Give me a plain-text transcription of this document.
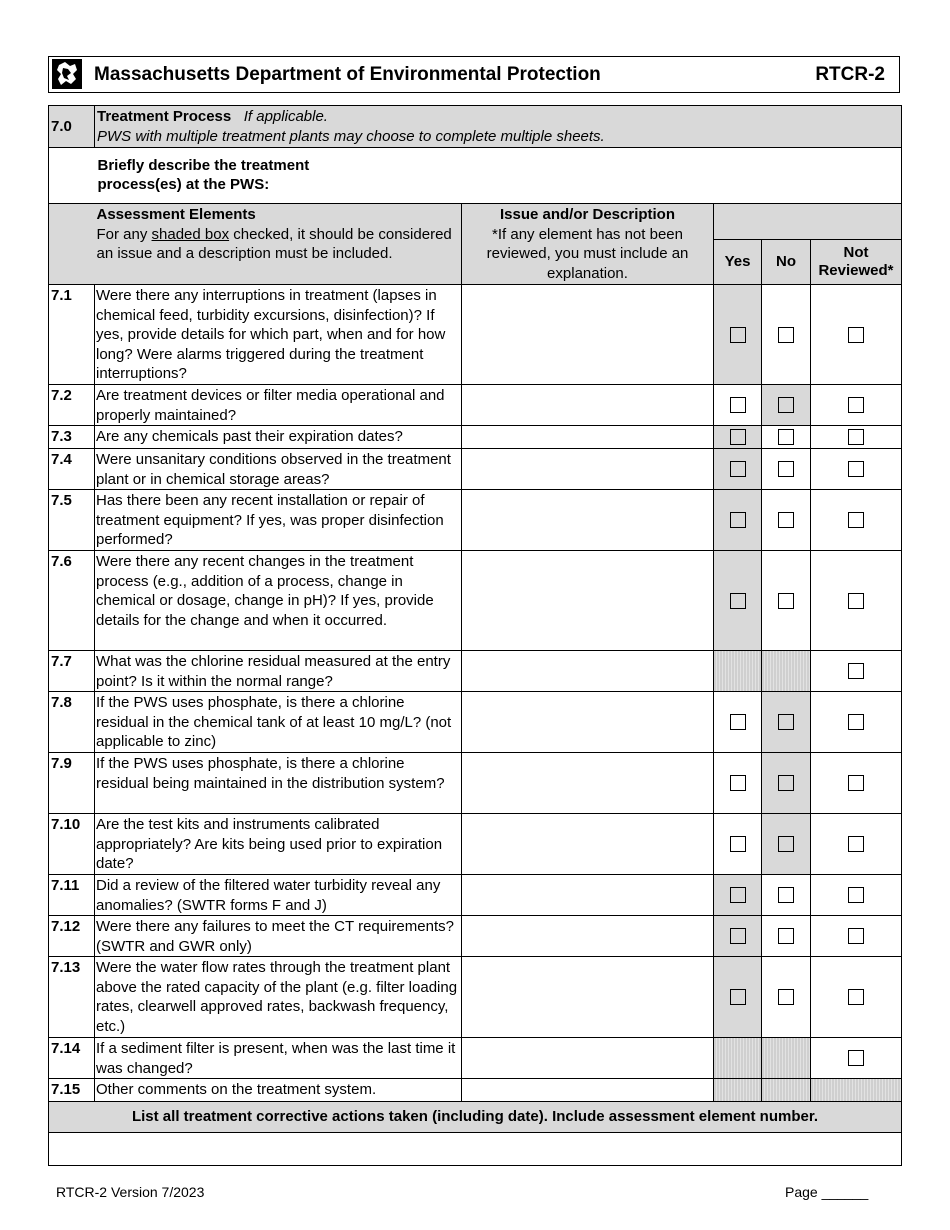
Massachusetts Department of Environmental Protection	RTCR-2
7.0	Treatment Process If applicable.
PWS with multiple treatment plants may choose to complete multiple sheets.				
	Briefly describe the treatment
process(es) at the PWS:				
	Assessment Elements
For any shaded box checked, it should be considered an issue and a description must be included.	Issue and/or Description
*If any element has not been reviewed, you must include an explanation.			
			Yes	No	Not
Reviewed*
7.1	Were there any interruptions in treatment (lapses in chemical feed, turbidity excursions, disinfection)? If yes, provide details for which part, when and for how long? Were alarms triggered during the treatment interruptions?				
7.2	Are treatment devices or filter media operational and properly maintained?				
7.3	Are any chemicals past their expiration dates?				
7.4	Were unsanitary conditions observed in the treatment plant or in chemical storage areas?				
7.5	Has there been any recent installation or repair of treatment equipment? If yes, was proper disinfection performed?				
7.6	Were there any recent changes in the treatment process (e.g., addition of a process, change in chemical or dosage, change in pH)? If yes, provide details for the change and when it occurred.				
7.7	What was the chlorine residual measured at the entry point? Is it within the normal range?				
7.8	If the PWS uses phosphate, is there a chlorine residual in the chemical tank of at least 10 mg/L? (not applicable to zinc)				
7.9	If the PWS uses phosphate, is there a chlorine residual being maintained in the distribution system?				
7.10	Are the test kits and instruments calibrated appropriately? Are kits being used prior to expiration date?				
7.11	Did a review of the filtered water turbidity reveal any anomalies? (SWTR forms F and J)				
7.12	Were there any failures to meet the CT requirements? (SWTR and GWR only)				
7.13	Were the water flow rates through the treatment plant above the rated capacity of the plant (e.g. filter loading rates, clearwell approved rates, backwash frequency, etc.)				
7.14	If a sediment filter is present, when was the last time it was changed?				
7.15	Other comments on the treatment system.				
List all treatment corrective actions taken (including date). Include assessment element number.					

RTCR-2 Version 7/2023	Page ______
